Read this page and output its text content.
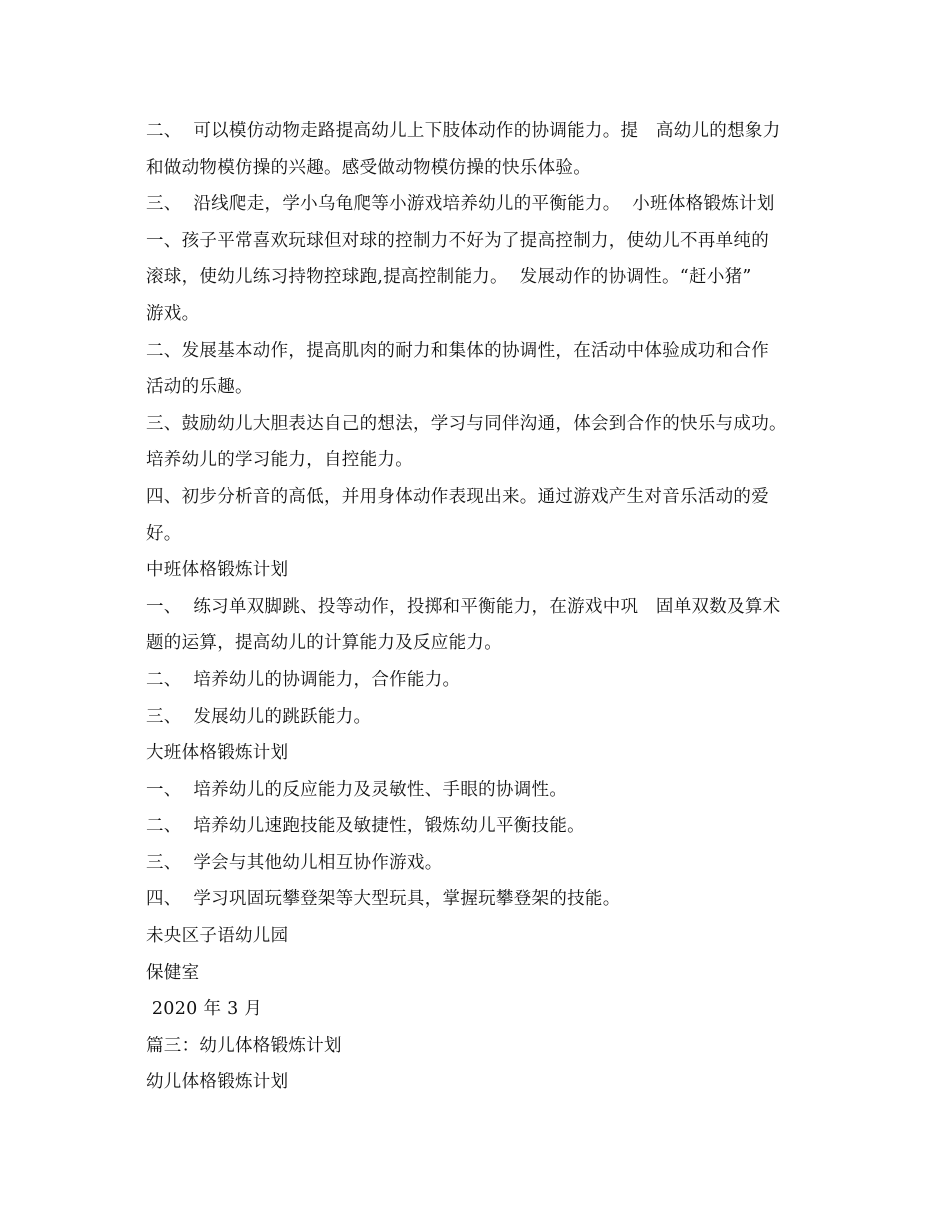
二、  可以模仿动物走路提高幼儿上下肢体动作的协调能力。提   高幼儿的想象力
和做动物模仿操的兴趣。感受做动物模仿操的快乐体验。
三、  沿线爬走，学小乌龟爬等小游戏培养幼儿的平衡能力。  小班体格锻炼计划
一、孩子平常喜欢玩球但对球的控制力不好为了提高控制力，使幼儿不再单纯的
滚球，使幼儿练习持物控球跑,提高控制能力。  发展动作的协调性。“赶小猪”
游戏。
二、发展基本动作，提高肌肉的耐力和集体的协调性，在活动中体验成功和合作
活动的乐趣。
三、鼓励幼儿大胆表达自己的想法，学习与同伴沟通，体会到合作的快乐与成功。
培养幼儿的学习能力，自控能力。
四、初步分析音的高低，并用身体动作表现出来。通过游戏产生对音乐活动的爱
好。
中班体格锻炼计划
一、  练习单双脚跳、投等动作，投掷和平衡能力，在游戏中巩   固单双数及算术
题的运算，提高幼儿的计算能力及反应能力。
二、  培养幼儿的协调能力，合作能力。
三、  发展幼儿的跳跃能力。
大班体格锻炼计划
一、  培养幼儿的反应能力及灵敏性、手眼的协调性。
二、  培养幼儿速跑技能及敏捷性，锻炼幼儿平衡技能。
三、  学会与其他幼儿相互协作游戏。
四、  学习巩固玩攀登架等大型玩具，掌握玩攀登架的技能。
未央区子语幼儿园
保健室
2020 年 3 月
篇三：幼儿体格锻炼计划
幼儿体格锻炼计划
